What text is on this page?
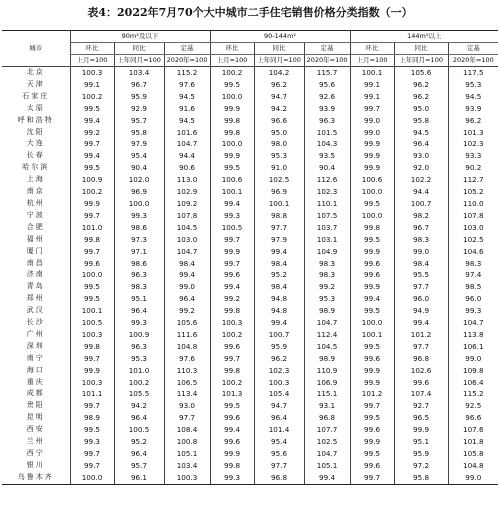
表4：2022年7月70个大中城市二手住宅销售价格分类指数（一）
城市	90m²及以下			90-144m²			144m²以上		
	环比	同比	定基	环比	同比	定基	环比	同比	定基
	上月=100	上年同月=100	2020年=100	上月=100	上年同月=100	2020年=100	上月=100	上年同月=100	2020年=100
北京	100.3	103.4	115.2	100.2	104.2	115.7	100.1	105.6	117.5
天津	99.1	96.7	97.6	99.5	96.2	95.6	99.1	96.2	95.3
石家庄	100.2	95.9	94.5	100.0	94.7	92.6	99.1	96.2	94.5
太原	99.5	92.9	91.6	99.9	94.2	93.9	99.7	95.0	93.9
呼和浩特	99.4	95.7	94.5	99.8	96.6	96.3	99.0	95.8	96.2
沈阳	99.2	95.8	101.6	99.8	95.0	101.5	99.0	94.5	101.3
大连	99.7	97.9	104.7	100.0	98.0	104.3	99.9	96.4	102.3
长春	99.4	95.4	94.4	99.9	95.3	93.5	99.9	93.0	93.3
哈尔滨	99.5	90.4	90.6	99.5	91.0	90.4	99.9	92.0	90.2
上海	100.9	102.0	113.0	100.6	102.5	112.6	100.6	102.2	112.7
南京	100.2	96.9	102.9	100.1	96.9	102.3	100.0	94.4	105.2
杭州	99.9	100.0	109.2	99.4	100.1	110.1	99.5	100.7	110.0
宁波	99.7	99.3	107.8	99.3	98.8	107.5	100.0	98.2	107.8
合肥	101.0	98.6	104.5	100.5	97.7	103.7	99.8	96.7	103.0
福州	99.8	97.3	103.0	99.7	97.9	103.1	99.5	98.3	102.5
厦门	99.7	97.1	104.7	99.9	99.4	104.9	99.9	99.0	104.6
南昌	99.6	98.6	98.4	99.7	98.4	98.3	99.6	98.4	98.3
济南	100.0	96.3	99.4	99.6	95.2	98.3	99.6	95.5	97.4
青岛	99.5	98.3	99.0	99.4	98.4	99.2	99.9	97.7	98.5
郑州	99.5	95.1	96.4	99.2	94.8	95.3	99.4	96.0	96.0
武汉	100.1	96.4	99.2	99.8	94.8	98.9	99.5	94.9	99.3
长沙	100.5	99.3	105.6	100.3	99.4	104.7	100.0	99.4	104.7
广州	100.3	100.9	111.6	100.2	100.7	112.4	100.1	101.2	113.8
深圳	99.8	96.3	104.8	99.6	95.9	104.5	99.5	97.7	106.1
南宁	99.7	95.3	97.6	99.7	96.2	98.9	99.6	96.8	99.0
海口	99.9	101.0	110.3	99.8	102.3	110.9	99.9	102.6	109.8
重庆	100.3	100.2	106.5	100.2	100.3	106.9	99.9	99.6	106.4
成都	101.1	105.5	113.4	101.3	105.4	115.1	101.2	107.4	115.2
贵阳	99.7	94.2	93.0	99.5	94.7	93.1	99.7	92.7	92.5
昆明	98.9	96.4	97.7	99.6	96.4	96.8	99.5	96.5	96.6
西安	99.5	100.5	108.4	99.4	101.4	107.7	99.6	99.9	107.6
兰州	99.3	95.2	100.8	99.6	95.4	102.5	99.9	95.1	101.8
西宁	99.7	96.4	105.1	99.9	95.6	104.7	99.5	95.9	105.8
银川	99.7	95.7	103.4	99.8	97.7	105.1	99.6	97.2	104.8
乌鲁木齐	100.0	96.1	100.3	99.3	96.8	99.4	99.7	95.8	99.0
